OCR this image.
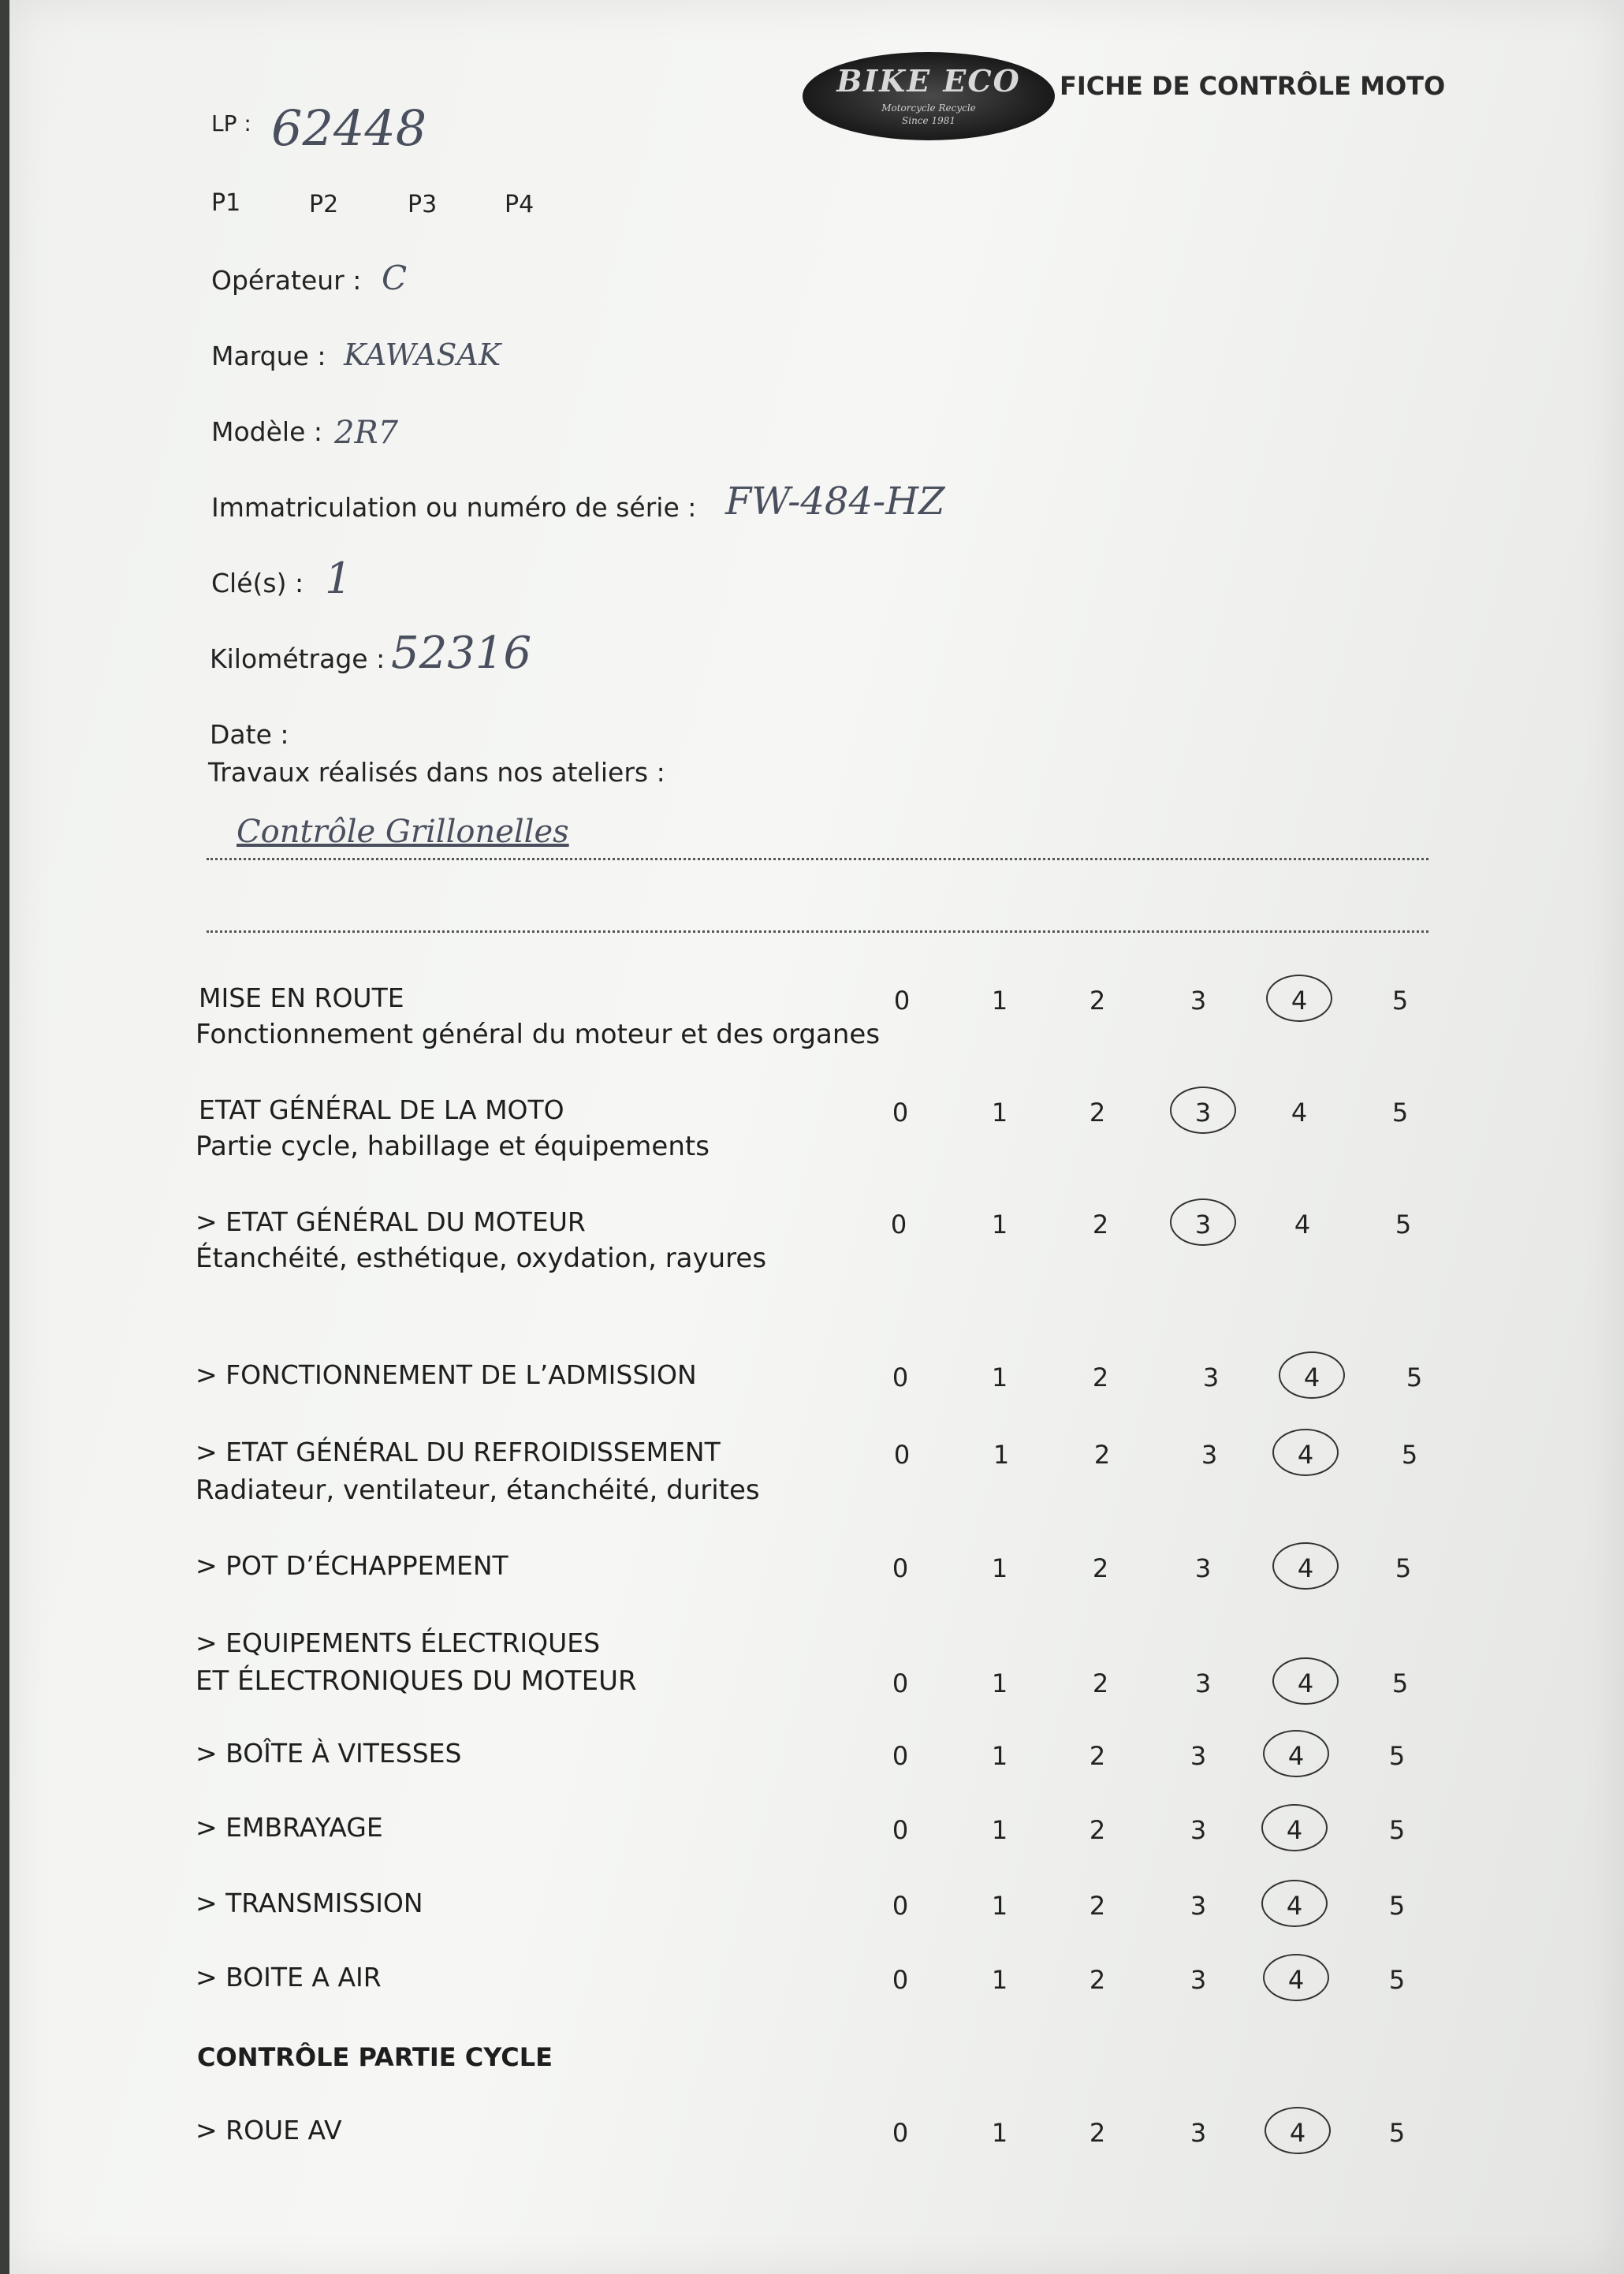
BIKE ECO
Motorcycle Recycle
Since 1981
FICHE DE CONTRÔLE MOTO
LP : 62448
P1	P2	P3	P4
Opérateur : C
Marque : KAWASAK
Modèle : 2R7
Immatriculation ou numéro de série : FW-484-HZ
Clé(s) : 1
Kilométrage : 52316
Date :
Travaux réalisés dans nos ateliers :
Contrôle Grillonelles
MISE EN ROUTE
Fonctionnement général du moteur et des organes
0	1	2	3	4	5
ETAT GÉNÉRAL DE LA MOTO
Partie cycle, habillage et équipements
0	1	2	3	4	5
> ETAT GÉNÉRAL DU MOTEUR
Étanchéité, esthétique, oxydation, rayures
0	1	2	3	4	5
> FONCTIONNEMENT DE L’ADMISSION	0	1	2	3	4	5
> ETAT GÉNÉRAL DU REFROIDISSEMENT
Radiateur, ventilateur, étanchéité, durites
0	1	2	3	4	5
> POT D’ÉCHAPPEMENT	0	1	2	3	4	5
> EQUIPEMENTS ÉLECTRIQUES
ET ÉLECTRONIQUES DU MOTEUR	0	1	2	3	4	5
> BOÎTE À VITESSES	0	1	2	3	4	5
> EMBRAYAGE	0	1	2	3	4	5
> TRANSMISSION	0	1	2	3	4	5
> BOITE A AIR	0	1	2	3	4	5
CONTRÔLE PARTIE CYCLE
> ROUE AV	0	1	2	3	4	5
